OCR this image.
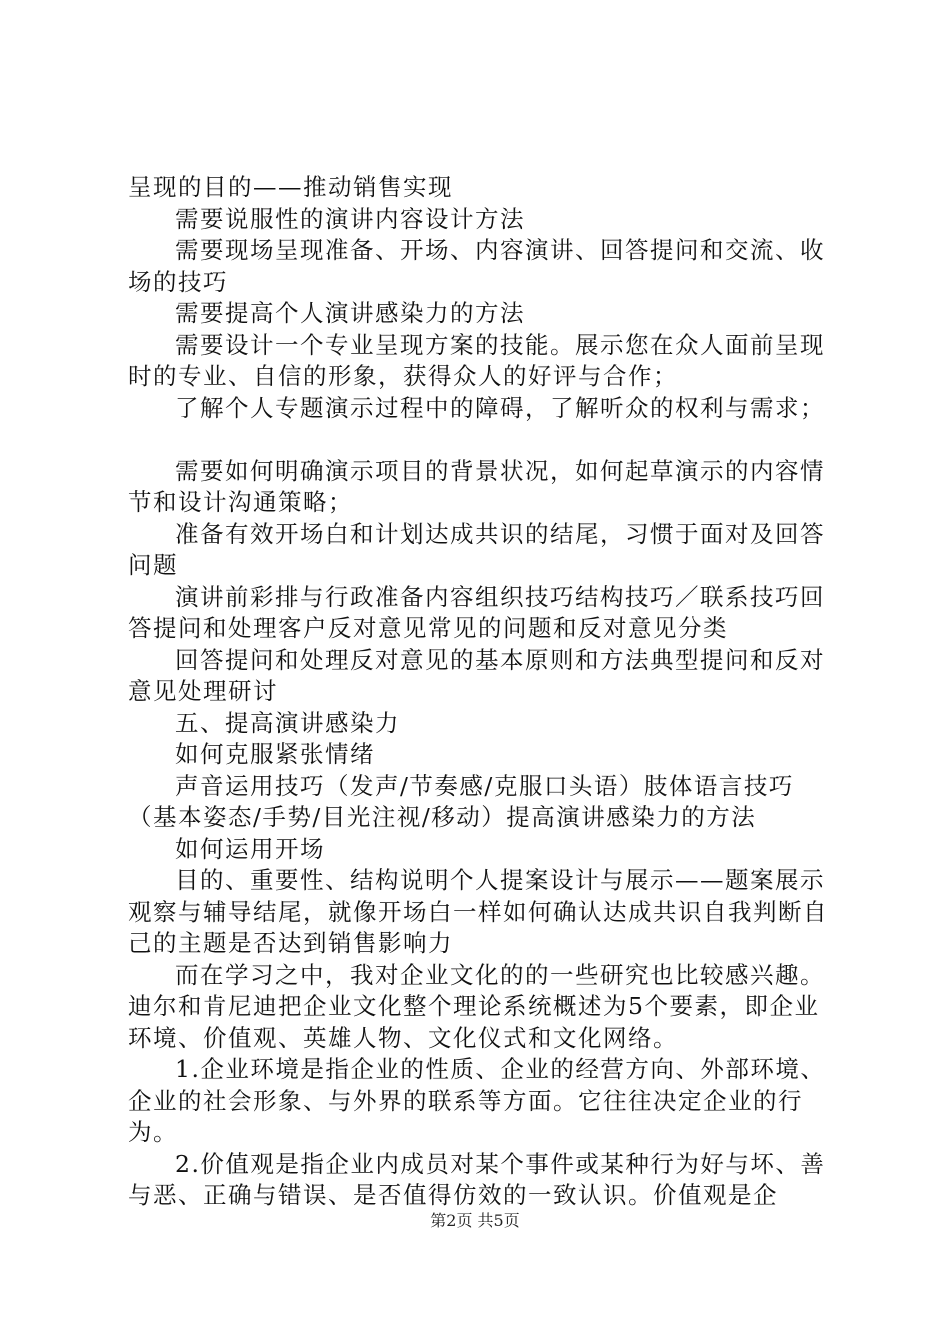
呈现的目的——推动销售实现

需要说服性的演讲内容设计方法

需要现场呈现准备、开场、内容演讲、回答提问和交流、收场的技巧

需要提高个人演讲感染力的方法

需要设计一个专业呈现方案的技能。展示您在众人面前呈现时的专业、自信的形象，获得众人的好评与合作；

了解个人专题演示过程中的障碍，了解听众的权利与需求；

需要如何明确演示项目的背景状况，如何起草演示的内容情节和设计沟通策略；

准备有效开场白和计划达成共识的结尾，习惯于面对及回答问题

演讲前彩排与行政准备内容组织技巧结构技巧／联系技巧回答提问和处理客户反对意见常见的问题和反对意见分类

回答提问和处理反对意见的基本原则和方法典型提问和反对意见处理研讨

五、提高演讲感染力

如何克服紧张情绪

声音运用技巧（发声/节奏感/克服口头语）肢体语言技巧（基本姿态/手势/目光注视/移动）提高演讲感染力的方法

如何运用开场

目的、重要性、结构说明个人提案设计与展示——题案展示观察与辅导结尾，就像开场白一样如何确认达成共识自我判断自己的主题是否达到销售影响力

而在学习之中，我对企业文化的的一些研究也比较感兴趣。迪尔和肯尼迪把企业文化整个理论系统概述为5个要素，即企业环境、价值观、英雄人物、文化仪式和文化网络。

1.企业环境是指企业的性质、企业的经营方向、外部环境、企业的社会形象、与外界的联系等方面。它往往决定企业的行为。

2.价值观是指企业内成员对某个事件或某种行为好与坏、善与恶、正确与错误、是否值得仿效的一致认识。价值观是企

第2页 共5页
